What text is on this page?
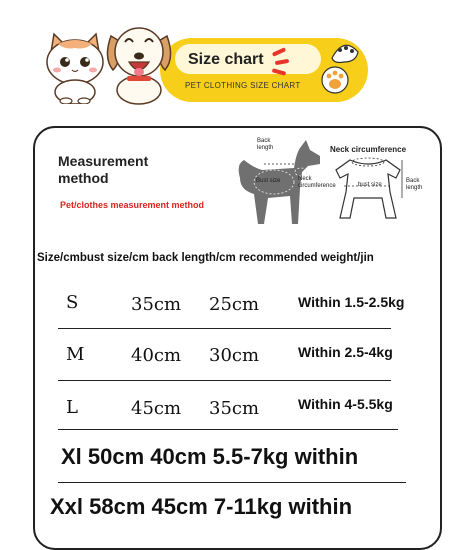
Size chart
PET CLOTHING SIZE CHART
Measurement
method
Pet/clothes measurement method
Back
length
Bust size	Neck
circumference
Neck circumference
bust size
Back
length
Size/cmbust size/cm back length/cm recommended weight/jin
S	35cm 25cm	Within 1.5-2.5kg
M	40cm 30cm	Within 2.5-4kg
L	45cm 35cm	Within 4-5.5kg
Xl 50cm 40cm 5.5-7kg within
Xxl 58cm 45cm 7-11kg within
